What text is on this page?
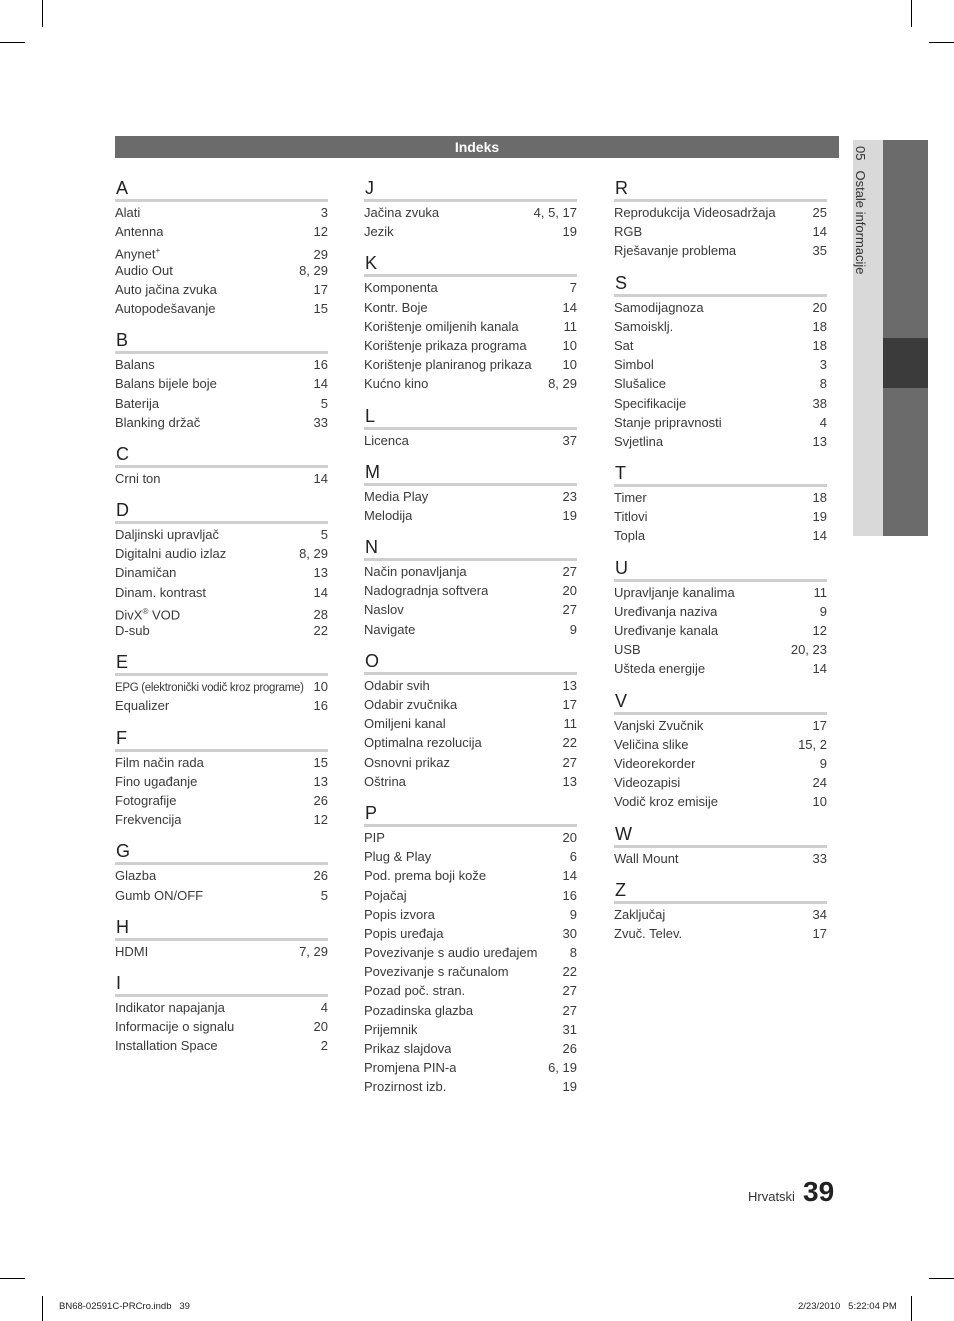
Indeks
A
Alati	3
Antenna	12
Anynet+	29
Audio Out	8, 29
Auto jačina zvuka	17
Autopodešavanje	15
B
Balans	16
Balans bijele boje	14
Baterija	5
Blanking držač	33
C
Crni ton	14
D
Daljinski upravljač	5
Digitalni audio izlaz	8, 29
Dinamičan	13
Dinam. kontrast	14
DivX® VOD	28
D-sub	22
E
EPG (elektronički vodič kroz programe) 10
Equalizer	16
F
Film način rada	15
Fino ugađanje	13
Fotografije	26
Frekvencija	12
G
Glazba	26
Gumb ON/OFF	5
H
HDMI	7, 29
I
Indikator napajanja	4
Informacije o signalu	20
Installation Space	2
J
Jačina zvuka	4, 5, 17
Jezik	19
K
Komponenta	7
Kontr. Boje	14
Korištenje omiljenih kanala	11
Korištenje prikaza programa	10
Korištenje planiranog prikaza	10
Kućno kino	8, 29
L
Licenca	37
M
Media Play	23
Melodija	19
N
Način ponavljanja	27
Nadogradnja softvera	20
Naslov	27
Navigate	9
O
Odabir svih	13
Odabir zvučnika	17
Omiljeni kanal	11
Optimalna rezolucija	22
Osnovni prikaz	27
Oštrina	13
P
PIP	20
Plug & Play	6
Pod. prema boji kože	14
Pojačaj	16
Popis izvora	9
Popis uređaja	30
Povezivanje s audio uređajem	8
Povezivanje s računalom	22
Pozad poč. stran.	27
Pozadinska glazba	27
Prijemnik	31
Prikaz slajdova	26
Promjena PIN-a	6, 19
Prozirnost izb.	19
R
Reprodukcija Videosadržaja	25
RGB	14
Rješavanje problema	35
S
Samodijagnoza	20
Samoisklj.	18
Sat	18
Simbol	3
Slušalice	8
Specifikacije	38
Stanje pripravnosti	4
Svjetlina	13
T
Timer	18
Titlovi	19
Topla	14
U
Upravljanje kanalima	11
Uređivanja naziva	9
Uređivanje kanala	12
USB	20, 23
Ušteda energije	14
V
Vanjski Zvučnik	17
Veličina slike	15, 2
Videorekorder	9
Videozapisi	24
Vodič kroz emisije	10
W
Wall Mount	33
Z
Zaključaj	34
Zvuč. Telev.	17
05Ostale informacije
Hrvatski 39
BN68-02591C-PRCro.indb   39	2/23/2010   5:22:04 PM
